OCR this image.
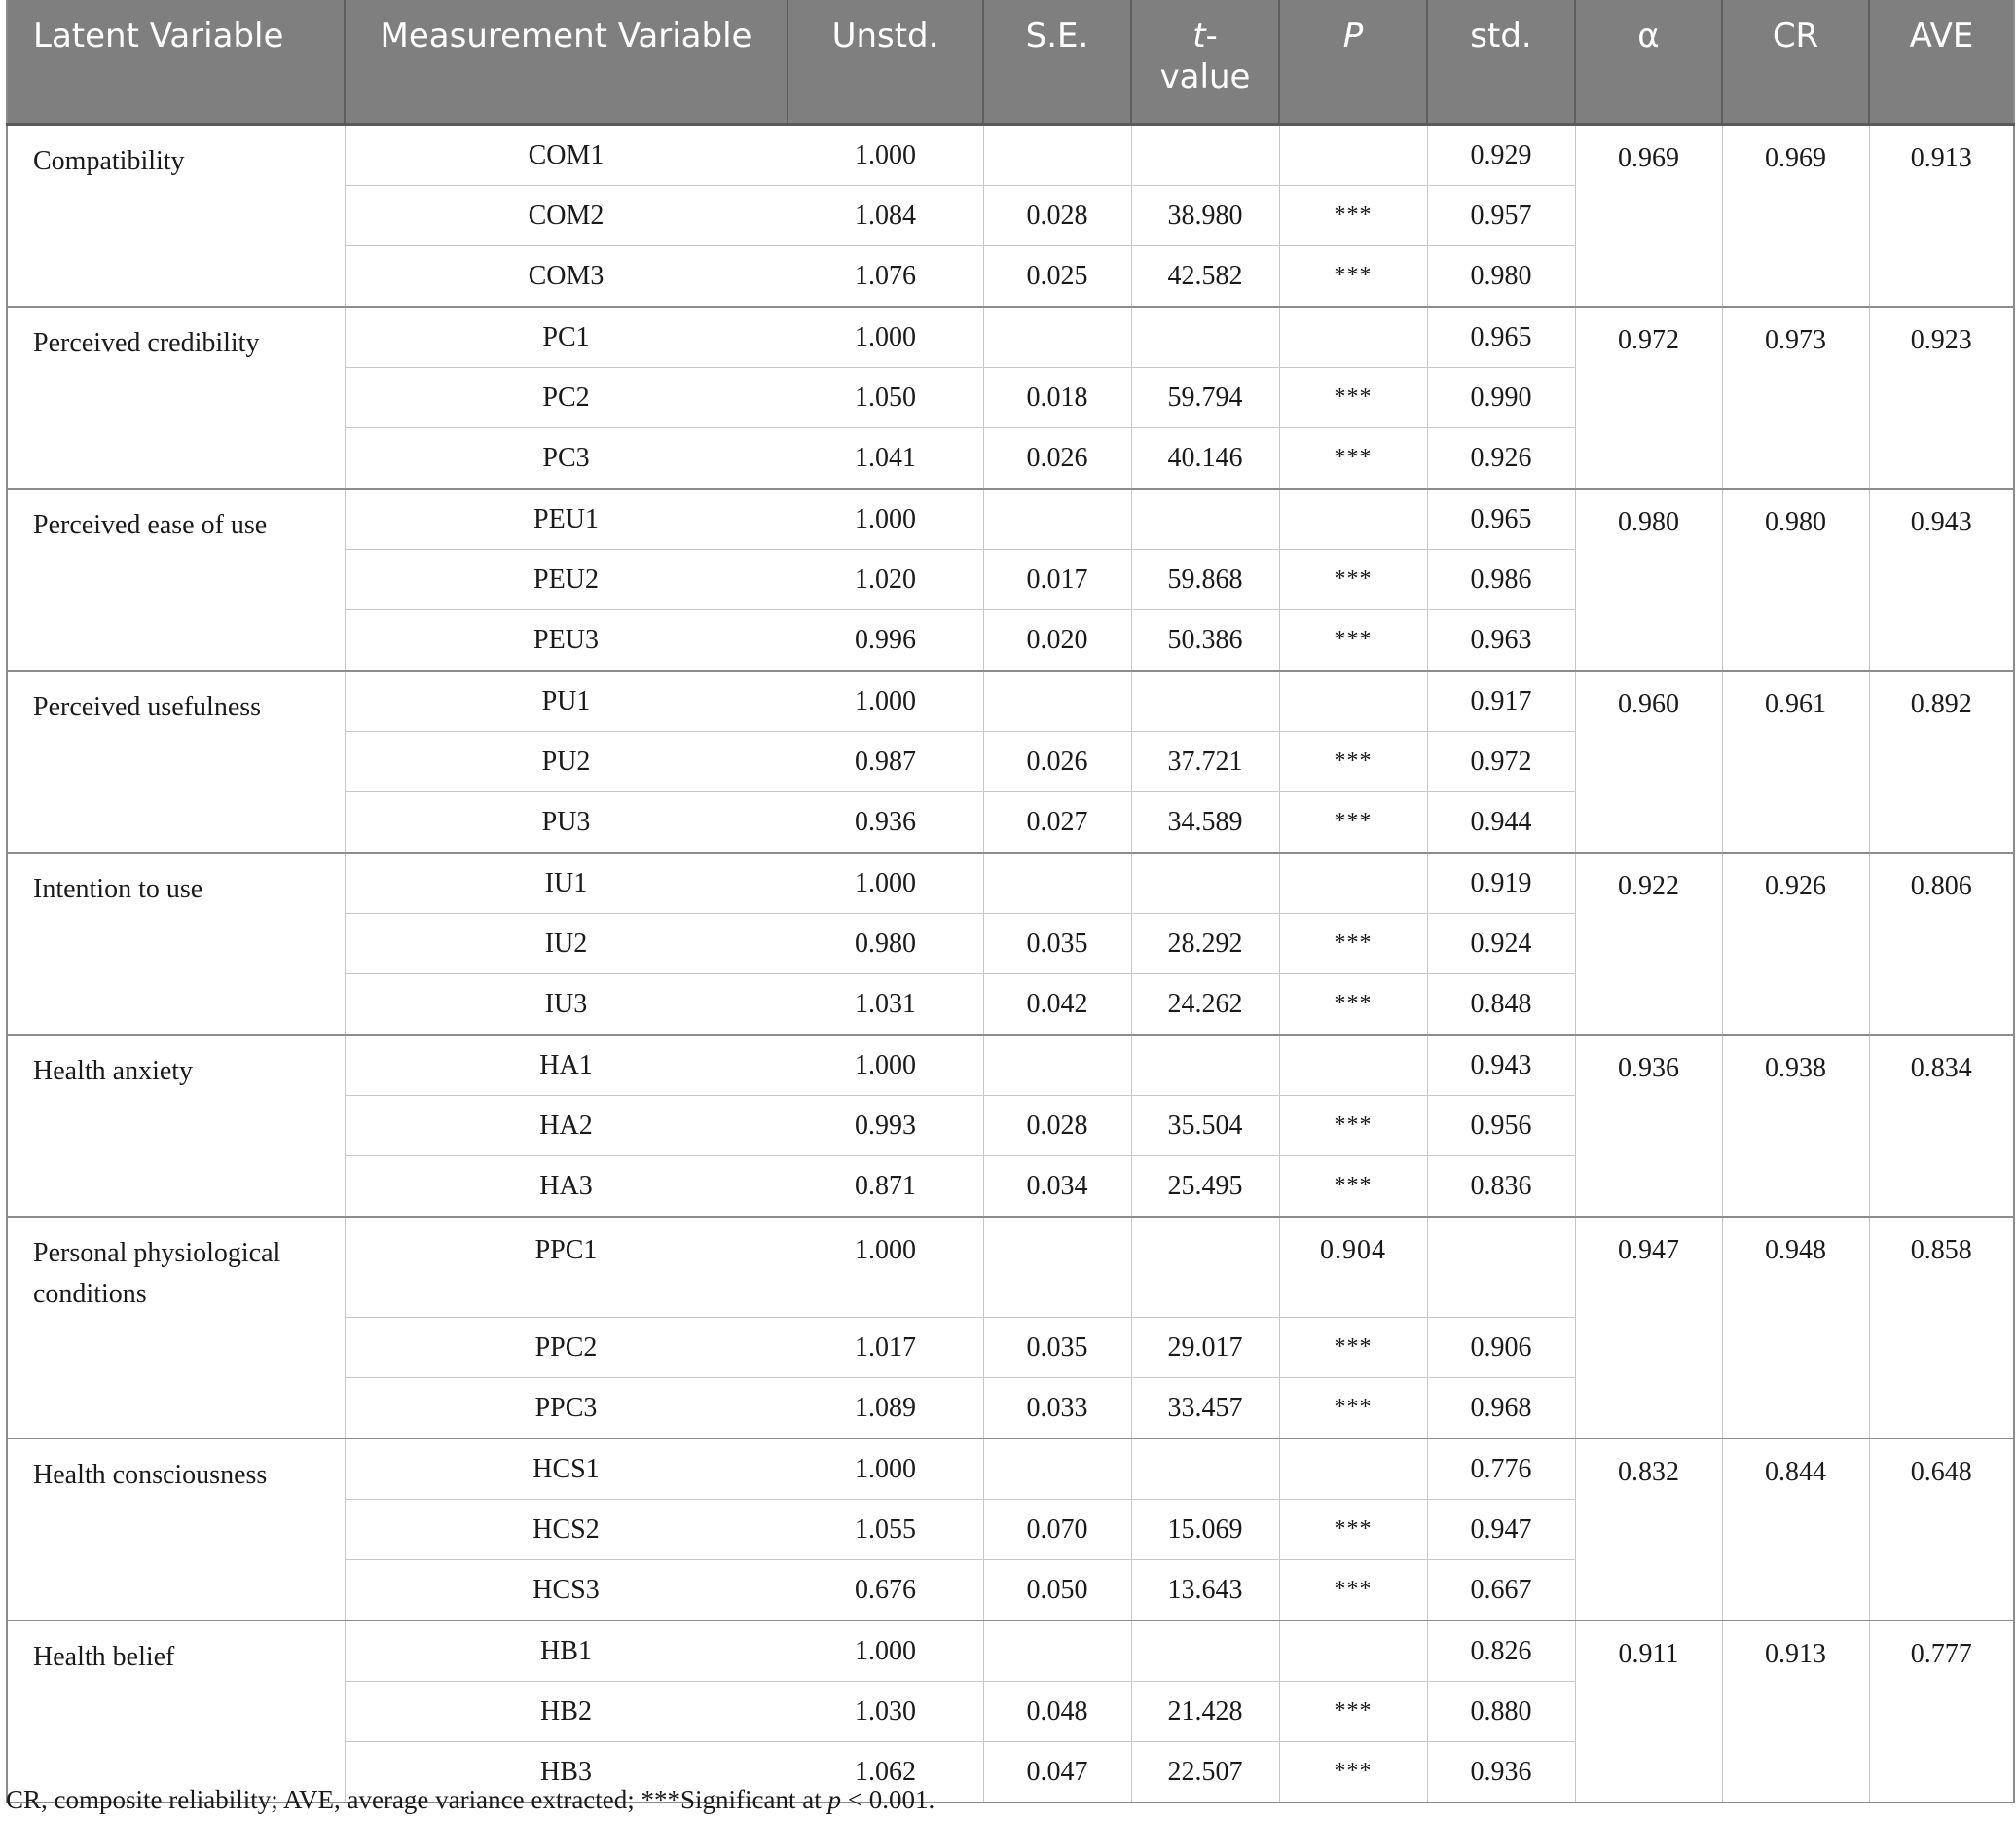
Latent Variable	Measurement Variable	Unstd.	S.E.	t-
value	P	std.	α	CR	AVE
Compatibility	COM1	1.000				0.929	0.969	0.969	0.913
	COM2	1.084	0.028	38.980	***	0.957			
	COM3	1.076	0.025	42.582	***	0.980			
Perceived credibility	PC1	1.000				0.965	0.972	0.973	0.923
	PC2	1.050	0.018	59.794	***	0.990			
	PC3	1.041	0.026	40.146	***	0.926			
Perceived ease of use	PEU1	1.000				0.965	0.980	0.980	0.943
	PEU2	1.020	0.017	59.868	***	0.986			
	PEU3	0.996	0.020	50.386	***	0.963			
Perceived usefulness	PU1	1.000				0.917	0.960	0.961	0.892
	PU2	0.987	0.026	37.721	***	0.972			
	PU3	0.936	0.027	34.589	***	0.944			
Intention to use	IU1	1.000				0.919	0.922	0.926	0.806
	IU2	0.980	0.035	28.292	***	0.924			
	IU3	1.031	0.042	24.262	***	0.848			
Health anxiety	HA1	1.000				0.943	0.936	0.938	0.834
	HA2	0.993	0.028	35.504	***	0.956			
	HA3	0.871	0.034	25.495	***	0.836			
Personal physiological conditions	PPC1	1.000			0.904		0.947	0.948	0.858
	PPC2	1.017	0.035	29.017	***	0.906			
	PPC3	1.089	0.033	33.457	***	0.968			
Health consciousness	HCS1	1.000				0.776	0.832	0.844	0.648
	HCS2	1.055	0.070	15.069	***	0.947			
	HCS3	0.676	0.050	13.643	***	0.667			
Health belief	HB1	1.000				0.826	0.911	0.913	0.777
	HB2	1.030	0.048	21.428	***	0.880			
	HB3	1.062	0.047	22.507	***	0.936			
CR, composite reliability; AVE, average variance extracted; ***Significant at p < 0.001.
